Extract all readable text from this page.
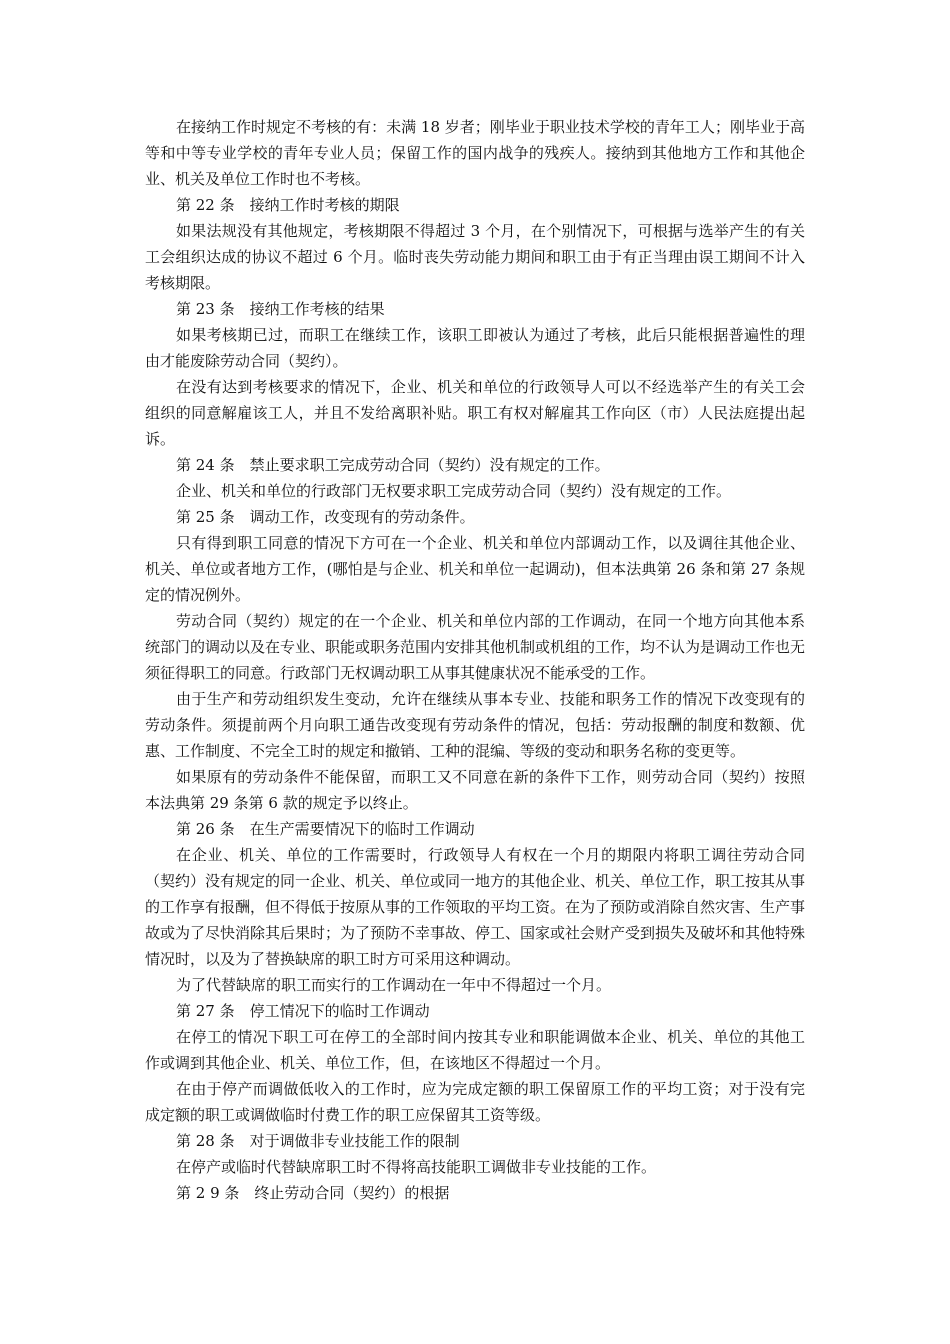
在接纳工作时规定不考核的有：未满 18 岁者；刚毕业于职业技术学校的青年工人；刚毕业于高等和中等专业学校的青年专业人员；保留工作的国内战争的残疾人。接纳到其他地方工作和其他企业、机关及单位工作时也不考核。

第 22 条　接纳工作时考核的期限

如果法规没有其他规定，考核期限不得超过 3 个月，在个别情况下，可根据与选举产生的有关工会组织达成的协议不超过 6 个月。临时丧失劳动能力期间和职工由于有正当理由误工期间不计入考核期限。

第 23 条　接纳工作考核的结果

如果考核期已过，而职工在继续工作，该职工即被认为通过了考核，此后只能根据普遍性的理由才能废除劳动合同（契约）。

在没有达到考核要求的情况下，企业、机关和单位的行政领导人可以不经选举产生的有关工会组织的同意解雇该工人，并且不发给离职补贴。职工有权对解雇其工作向区（市）人民法庭提出起诉。

第 24 条　禁止要求职工完成劳动合同（契约）没有规定的工作。

企业、机关和单位的行政部门无权要求职工完成劳动合同（契约）没有规定的工作。

第 25 条　调动工作，改变现有的劳动条件。

只有得到职工同意的情况下方可在一个企业、机关和单位内部调动工作，以及调往其他企业、机关、单位或者地方工作，(哪怕是与企业、机关和单位一起调动)，但本法典第 26 条和第 27 条规定的情况例外。

劳动合同（契约）规定的在一个企业、机关和单位内部的工作调动，在同一个地方向其他本系统部门的调动以及在专业、职能或职务范围内安排其他机制或机组的工作，均不认为是调动工作也无须征得职工的同意。行政部门无权调动职工从事其健康状况不能承受的工作。

由于生产和劳动组织发生变动，允许在继续从事本专业、技能和职务工作的情况下改变现有的劳动条件。须提前两个月向职工通告改变现有劳动条件的情况，包括：劳动报酬的制度和数额、优惠、工作制度、不完全工时的规定和撤销、工种的混编、等级的变动和职务名称的变更等。

如果原有的劳动条件不能保留，而职工又不同意在新的条件下工作，则劳动合同（契约）按照本法典第 29 条第 6 款的规定予以终止。

第 26 条　在生产需要情况下的临时工作调动

在企业、机关、单位的工作需要时，行政领导人有权在一个月的期限内将职工调往劳动合同（契约）没有规定的同一企业、机关、单位或同一地方的其他企业、机关、单位工作，职工按其从事的工作享有报酬，但不得低于按原从事的工作领取的平均工资。在为了预防或消除自然灾害、生产事故或为了尽快消除其后果时；为了预防不幸事故、停工、国家或社会财产受到损失及破坏和其他特殊情况时，以及为了替换缺席的职工时方可采用这种调动。

为了代替缺席的职工而实行的工作调动在一年中不得超过一个月。

第 27 条　停工情况下的临时工作调动

在停工的情况下职工可在停工的全部时间内按其专业和职能调做本企业、机关、单位的其他工作或调到其他企业、机关、单位工作，但，在该地区不得超过一个月。

在由于停产而调做低收入的工作时，应为完成定额的职工保留原工作的平均工资；对于没有完成定额的职工或调做临时付费工作的职工应保留其工资等级。

第 28 条　对于调做非专业技能工作的限制

在停产或临时代替缺席职工时不得将高技能职工调做非专业技能的工作。

第 2 9 条　终止劳动合同（契约）的根据
